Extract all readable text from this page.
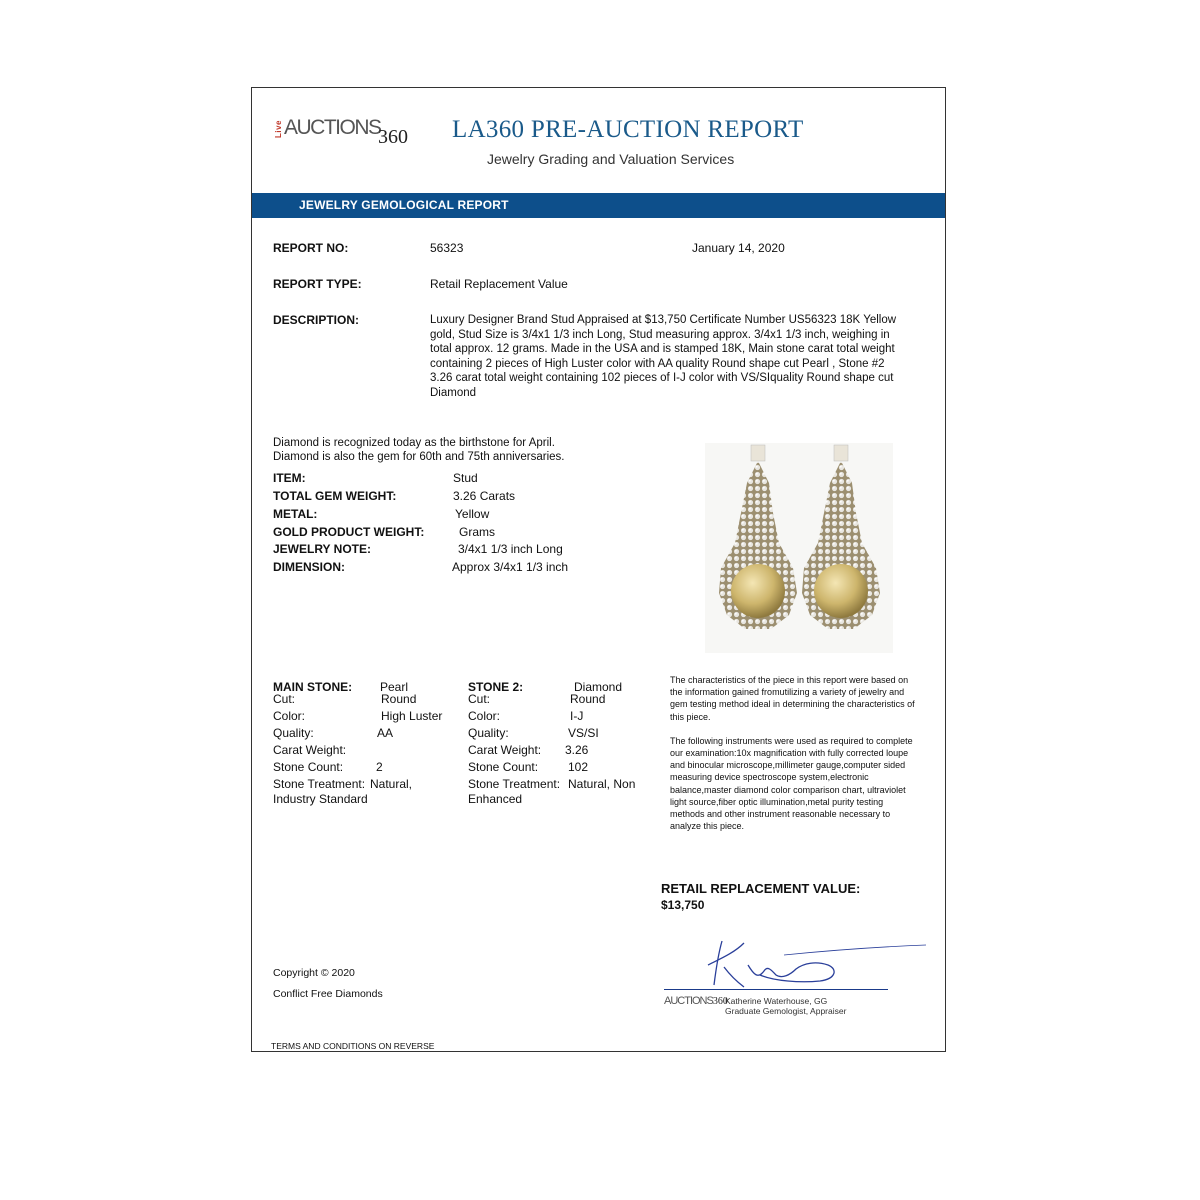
Live AUCTIONS
360 LA360 PRE-AUCTION REPORT
Jewelry Grading and Valuation Services
JEWELRY GEMOLOGICAL REPORT
REPORT NO:	56323	January 14, 2020
REPORT TYPE:	Retail Replacement Value
DESCRIPTION:	Luxury Designer Brand Stud Appraised at $13,750 Certificate Number US56323 18K Yellow gold, Stud Size is 3/4x1 1/3 inch Long, Stud measuring approx. 3/4x1 1/3 inch, weighing in total approx. 12 grams. Made in the USA and is stamped 18K, Main stone carat total weight containing 2 pieces of High Luster color with AA quality Round shape cut Pearl , Stone #2 3.26 carat total weight containing 102 pieces of I-J color with VS/SIquality Round shape cut Diamond
Diamond is recognized today as the birthstone for April.
Diamond is also the gem for 60th and 75th anniversaries.
ITEM:	Stud
TOTAL GEM WEIGHT:	3.26 Carats
METAL:	Yellow
GOLD PRODUCT WEIGHT:	Grams
JEWELRY NOTE:	3/4x1 1/3 inch Long
DIMENSION:	Approx 3/4x1 1/3 inch
MAIN STONE: Pearl
Cut:	Round
Color:	High Luster
Quality:	AA
Carat Weight:
Stone Count:	2
Stone Treatment: Natural,
Industry Standard
STONE 2:	Diamond
Cut:	Round
Color:	I-J
Quality:	VS/SI
Carat Weight: 3.26
Stone Count: 102
Stone Treatment: Natural, Non
Enhanced
The characteristics of the piece in this report were based on the information gained fromutilizing a variety of jewelry and gem testing method ideal in determining the characteristics of this piece.
The following instruments were used as required to complete our examination:10x magnification with fully corrected loupe and binocular microscope,millimeter gauge,computer sided measuring device spectroscope system,electronic balance,master diamond color comparison chart, ultraviolet light source,fiber optic illumination,metal purity testing methods and other instrument reasonable necessary to analyze this piece.
RETAIL REPLACEMENT VALUE:
$13,750
AUCTIONS360
Katherine Waterhouse, GG
Graduate Gemologist, Appraiser
Copyright © 2020
Conflict Free Diamonds
TERMS AND CONDITIONS ON REVERSE
